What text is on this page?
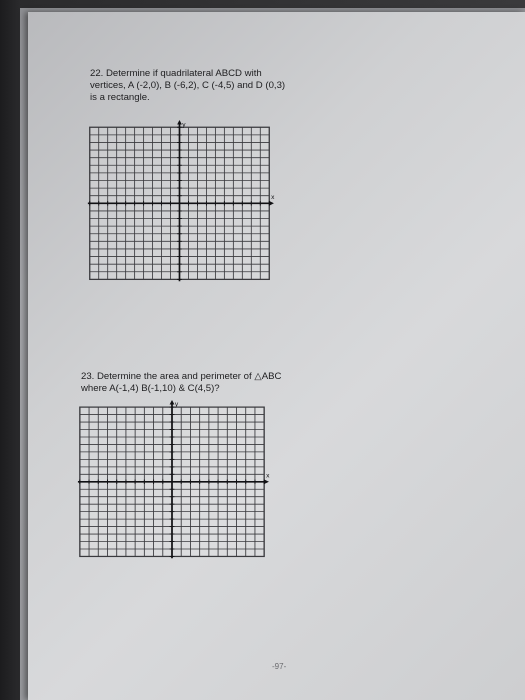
22. Determine if quadrilateral ABCD with
vertices, A (-2,0), B (-6,2), C (-4,5) and D (0,3)
is a rectangle.
x
y
23. Determine the area and perimeter of △ABC
where A(-1,4) B(-1,10) & C(4,5)?
x
y
-97-
